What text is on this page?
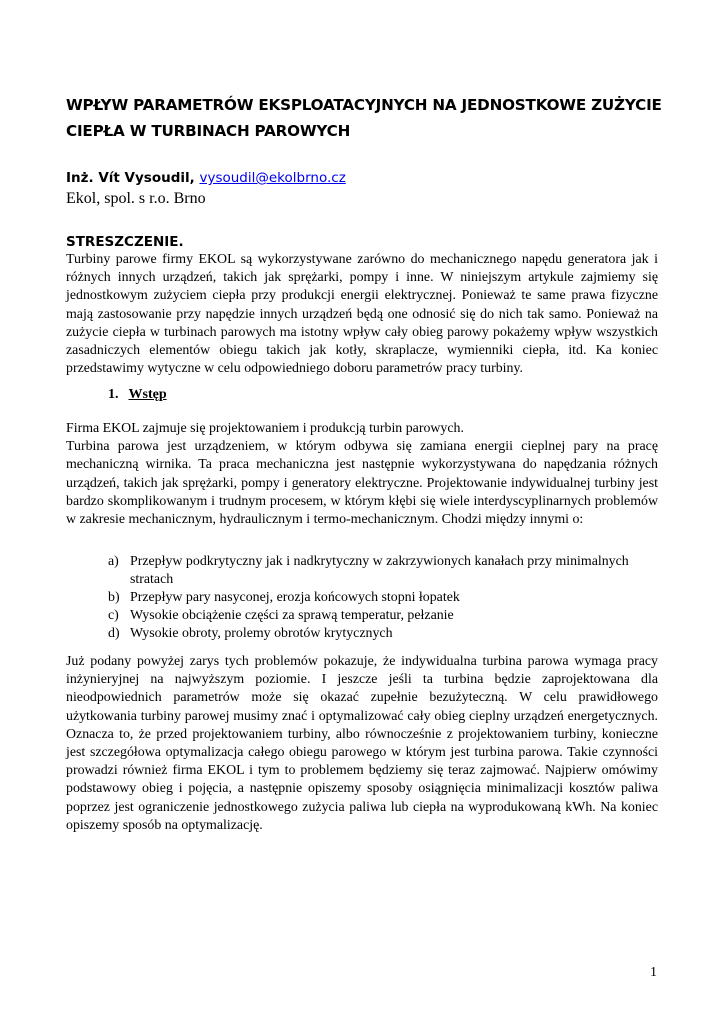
WPŁYW PARAMETRÓW EKSPLOATACYJNYCH NA JEDNOSTKOWE ZUŻYCIE CIEPŁA W TURBINACH PAROWYCH
Inż. Vít Vysoudil, vysoudil@ekolbrno.cz
Ekol, spol. s r.o. Brno
STRESZCZENIE.
Turbiny parowe firmy EKOL są wykorzystywane zarówno do mechanicznego napędu generatora jak i różnych innych urządzeń, takich jak sprężarki, pompy i inne. W niniejszym artykule zajmiemy się jednostkowym zużyciem ciepła przy produkcji energii elektrycznej. Ponieważ te same prawa fizyczne mają zastosowanie przy napędzie innych urządzeń będą one odnosić się do nich tak samo. Ponieważ na zużycie ciepła w turbinach parowych ma istotny wpływ cały obieg parowy pokażemy wpływ wszystkich zasadniczych elementów obiegu takich jak kotły, skraplacze, wymienniki ciepła, itd. Ka koniec przedstawimy wytyczne w celu odpowiedniego doboru parametrów pracy turbiny.
1. Wstęp
Firma EKOL zajmuje się projektowaniem i produkcją turbin parowych.
Turbina parowa jest urządzeniem, w którym odbywa się zamiana energii cieplnej pary na pracę mechaniczną wirnika. Ta praca mechaniczna jest następnie wykorzystywana do napędzania różnych urządzeń, takich jak sprężarki, pompy i generatory elektryczne. Projektowanie indywidualnej turbiny jest bardzo skomplikowanym i trudnym procesem, w którym kłębi się wiele interdyscyplinarnych problemów w zakresie mechanicznym, hydraulicznym i termo-mechanicznym. Chodzi między innymi o:
a) Przepływ podkrytyczny jak i nadkrytyczny w zakrzywionych kanałach przy minimalnych stratach
b) Przepływ pary nasyconej, erozja końcowych stopni łopatek
c) Wysokie obciążenie części za sprawą temperatur, pełzanie
d) Wysokie obroty, prolemy obrotów krytycznych
Już podany powyżej zarys tych problemów pokazuje, że indywidualna turbina parowa wymaga pracy inżynieryjnej na najwyższym poziomie. I jeszcze jeśli ta turbina będzie zaprojektowana dla nieodpowiednich parametrów może się okazać zupełnie bezużyteczną. W celu prawidłowego użytkowania turbiny parowej musimy znać i optymalizować cały obieg cieplny urządzeń energetycznych. Oznacza to, że przed projektowaniem turbiny, albo równocześnie z projektowaniem turbiny, konieczne jest szczegółowa optymalizacja całego obiegu parowego w którym jest turbina parowa. Takie czynności prowadzi również firma EKOL i tym to problemem będziemy się teraz zajmować. Najpierw omówimy podstawowy obieg i pojęcia, a następnie opiszemy sposoby osiągnięcia minimalizacji kosztów paliwa poprzez jest ograniczenie jednostkowego zużycia paliwa lub ciepła na wyprodukowaną kWh. Na koniec opiszemy sposób na optymalizację.
1
